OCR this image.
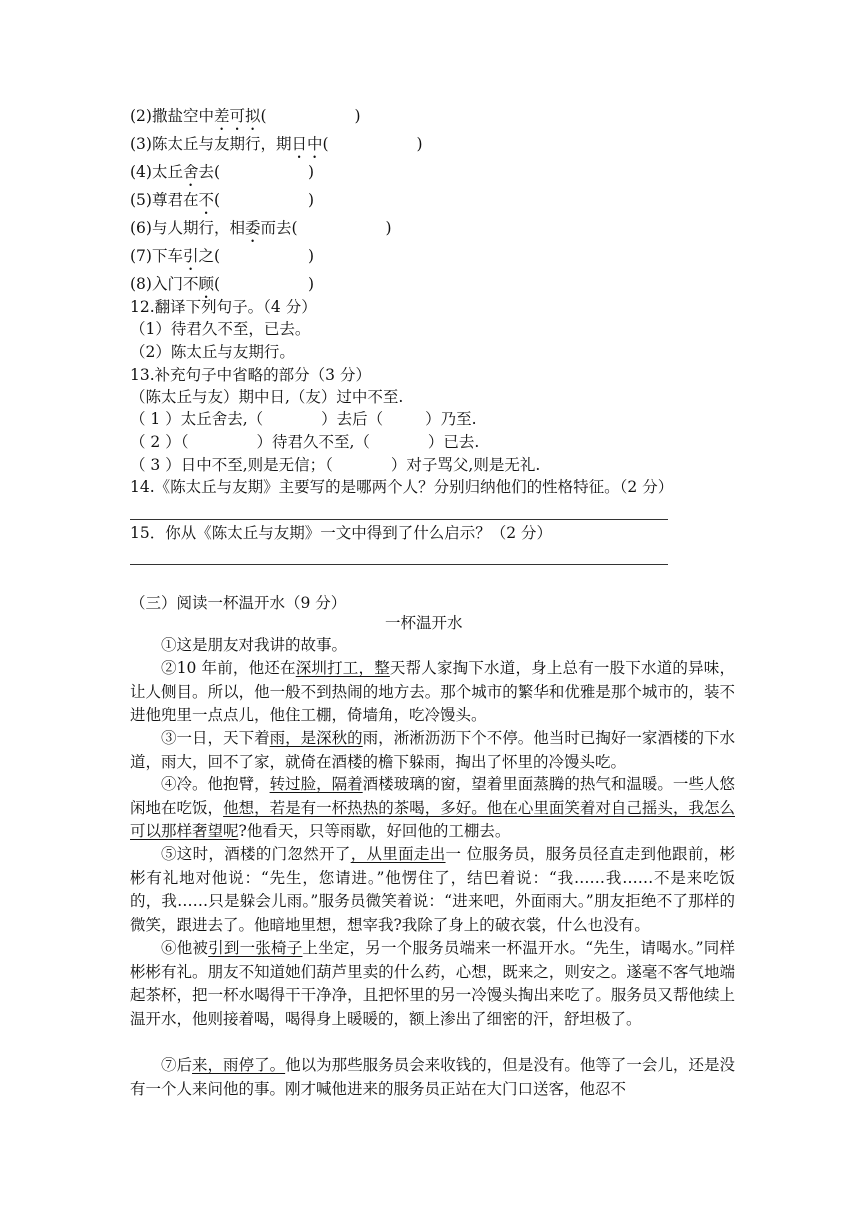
(2)撒盐空中差可拟(	)
(3)陈太丘与友期行，期日中(	)
(4)太丘舍去(	)
(5)尊君在不(	)
(6)与人期行，相委而去(	)
(7)下车引之(	)
(8)入门不顾(	)
12.翻译下列句子。（4 分）
（1）待君久不至，已去。
（2）陈太丘与友期行。
13.补充句子中省略的部分（3 分）
（陈太丘与友）期中日,（友）过中不至.
（ 1 ）太丘舍去,（	）去后（	）乃至.
（ 2 ）（	）待君久不至,（	）已去.
（ 3 ）日中不至,则是无信；（	）对子骂父,则是无礼.
14.《陈太丘与友期》主要写的是哪两个人？分别归纳他们的性格特征。（2 分）
15．你从《陈太丘与友期》一文中得到了什么启示？（2 分）
（三）阅读一杯温开水（9 分）
一杯温开水
①这是朋友对我讲的故事。
②10 年前，他还在深圳打工，整天帮人家掏下水道，身上总有一股下水道的异味，让人侧目。所以，他一般不到热闹的地方去。那个城市的繁华和优雅是那个城市的，装不进他兜里一点点儿，他住工棚，倚墙角，吃冷馒头。
③一日，天下着雨，是深秋的雨，淅淅沥沥下个不停。他当时已掏好一家酒楼的下水道，雨大，回不了家，就倚在酒楼的檐下躲雨，掏出了怀里的冷馒头吃。
④冷。他抱臂，转过脸，隔着酒楼玻璃的窗，望着里面蒸腾的热气和温暖。一些人悠闲地在吃饭，他想，若是有一杯热热的茶喝，多好。他在心里面笑着对自己摇头，我怎么可以那样奢望呢?他看天，只等雨歇，好回他的工棚去。
⑤这时，酒楼的门忽然开了，从里面走出一 位服务员，服务员径直走到他跟前，彬彬有礼地对他说：“先生，您请进。”他愣住了，结巴着说：“我……我……不是来吃饭的，我……只是躲会儿雨。”服务员微笑着说：“进来吧，外面雨大。”朋友拒绝不了那样的微笑，跟进去了。他暗地里想，想宰我?我除了身上的破衣裳，什么也没有。
⑥他被引到一张椅子上坐定，另一个服务员端来一杯温开水。“先生，请喝水。”同样彬彬有礼。朋友不知道她们葫芦里卖的什么药，心想，既来之，则安之。遂毫不客气地端起茶杯，把一杯水喝得干干净净，且把怀里的另一冷馒头掏出来吃了。服务员又帮他续上温开水，他则接着喝，喝得身上暖暖的，额上渗出了细密的汗，舒坦极了。
⑦后来，雨停了。他以为那些服务员会来收钱的，但是没有。他等了一会儿，还是没有一个人来问他的事。刚才喊他进来的服务员正站在大门口送客，他忍不
